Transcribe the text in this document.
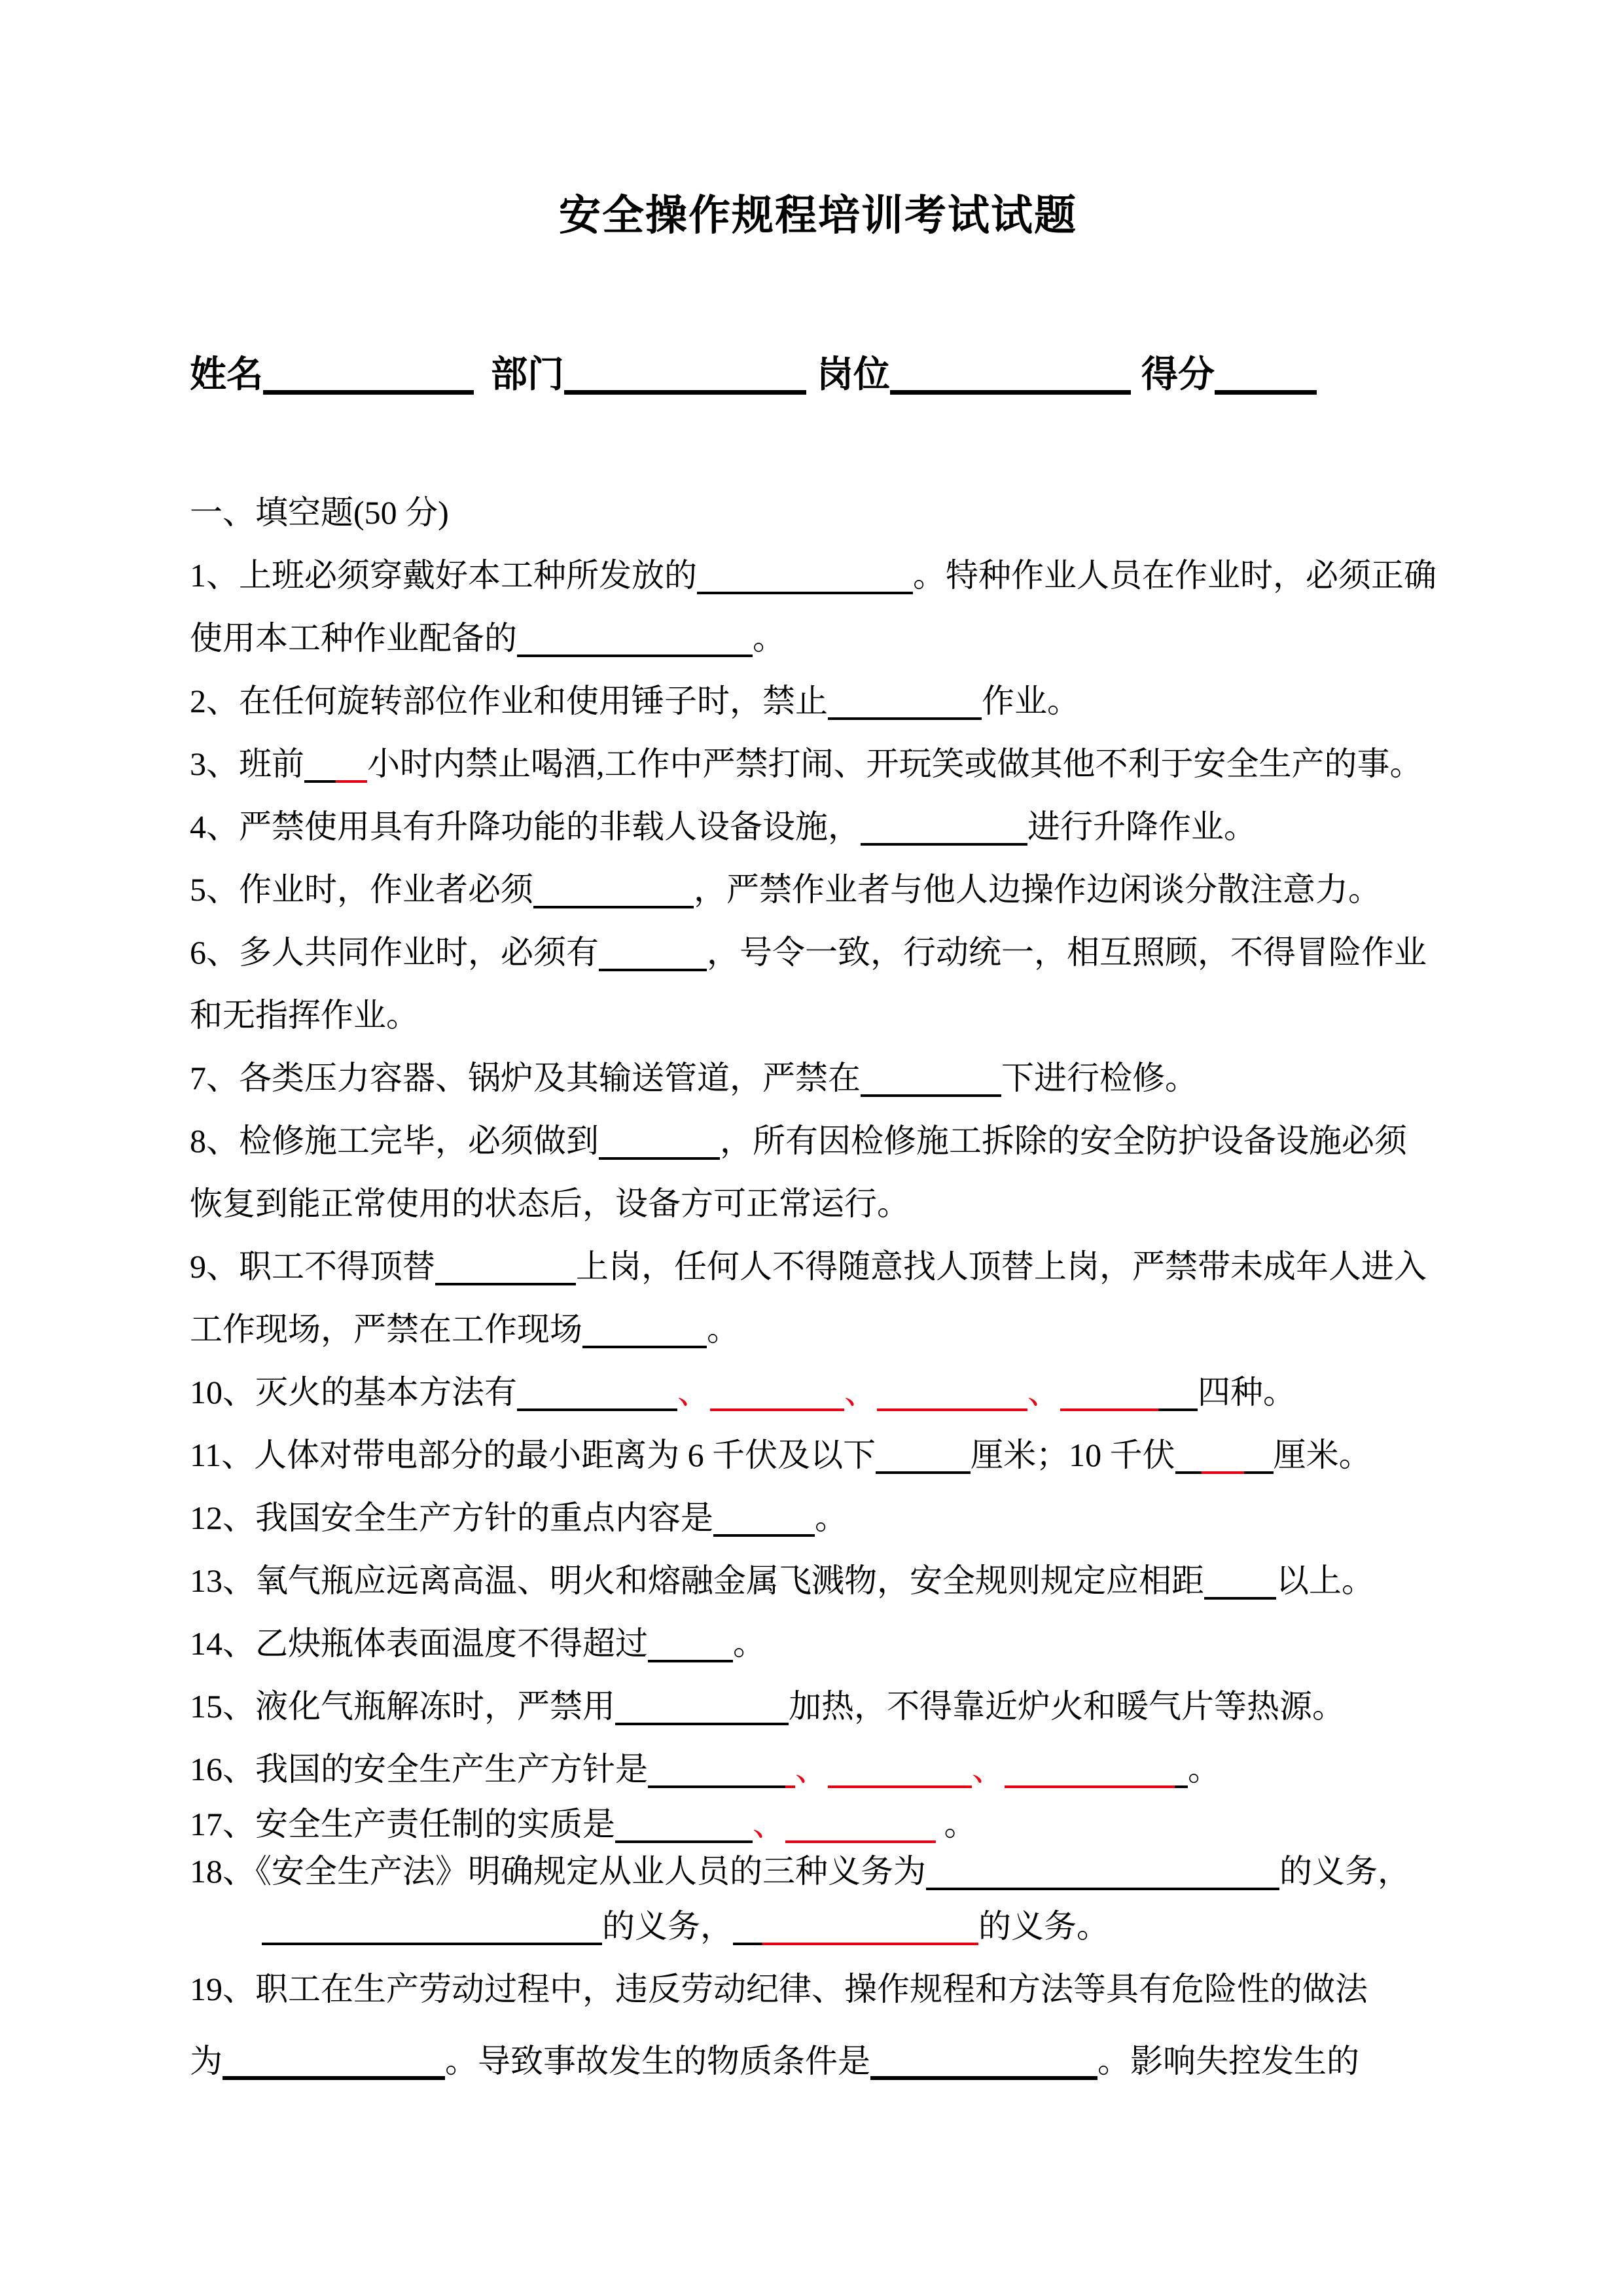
安全操作规程培训考试试题
姓名	部门	岗位	得分
一、填空题(50 分)
1、上班必须穿戴好本工种所发放的	。特种作业人员在作业时，必须正确
使用本工种作业配备的	。
2、在任何旋转部位作业和使用锤子时，禁止	作业。
3、班前 小时内禁止喝酒,工作中严禁打闹、开玩笑或做其他不利于安全生产的事。
4、严禁使用具有升降功能的非载人设备设施，	进行升降作业。
5、作业时，作业者必须	，严禁作业者与他人边操作边闲谈分散注意力。
6、多人共同作业时，必须有	，号令一致，行动统一，相互照顾，不得冒险作业
和无指挥作业。
7、各类压力容器、锅炉及其输送管道，严禁在	下进行检修。
8、检修施工完毕，必须做到	，所有因检修施工拆除的安全防护设备设施必须
恢复到能正常使用的状态后，设备方可正常运行。
9、职工不得顶替	上岗，任何人不得随意找人顶替上岗，严禁带未成年人进入
工作现场，严禁在工作现场	。
10、灭火的基本方法有	、	、	、	四种。
11、人体对带电部分的最小距离为 6 千伏及以下	厘米；10 千伏	厘米。
12、我国安全生产方针的重点内容是	。
13、氧气瓶应远离高温、明火和熔融金属飞溅物，安全规则规定应相距 以上。
14、乙炔瓶体表面温度不得超过	。
15、液化气瓶解冻时，严禁用	加热，不得靠近炉火和暖气片等热源。
16、我国的安全生产生产方针是	、	、	。
17、安全生产责任制的实质是	、	。
18、《安全生产法》明确规定从业人员的三种义务为	的义务，
的义务，	的义务。
19、职工在生产劳动过程中，违反劳动纪律、操作规程和方法等具有危险性的做法
为	。导致事故发生的物质条件是	。影响失控发生的
